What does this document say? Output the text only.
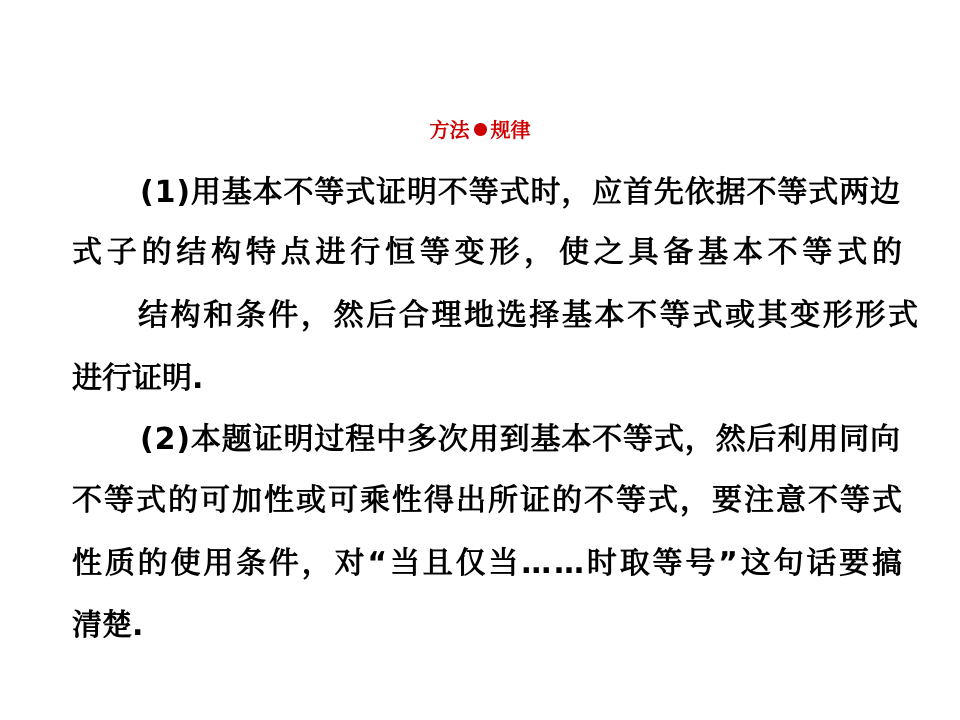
方法 规律
(1)用基本不等式证明不等式时，应首先依据不等式两边
式子的结构特点进行恒等变形，使之具备基本不等式的
结构和条件，然后合理地选择基本不等式或其变形形式
进行证明.
(2)本题证明过程中多次用到基本不等式，然后利用同向
不等式的可加性或可乘性得出所证的不等式，要注意不等式
性质的使用条件，对“当且仅当……时取等号”这句话要搞
清楚.
